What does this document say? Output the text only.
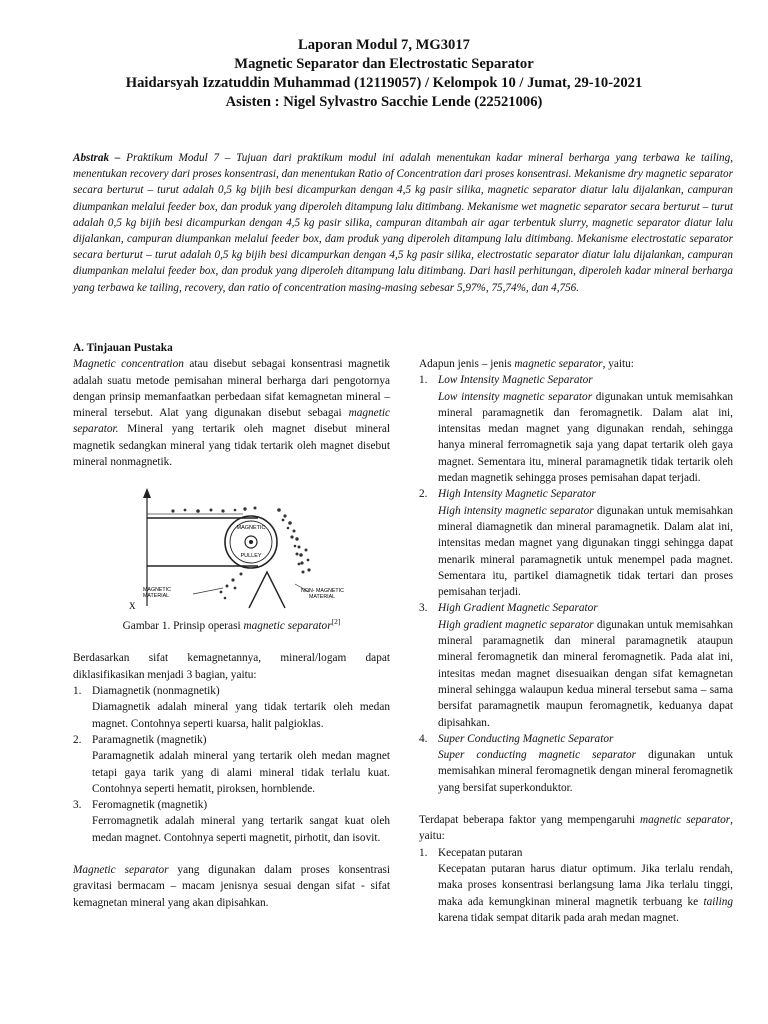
Laporan Modul 7, MG3017
Magnetic Separator dan Electrostatic Separator
Haidarsyah Izzatuddin Muhammad (12119057) / Kelompok 10 / Jumat, 29-10-2021
Asisten : Nigel Sylvastro Sacchie Lende (22521006)
Abstrak – Praktikum Modul 7 – Tujuan dari praktikum modul ini adalah menentukan kadar mineral berharga yang terbawa ke tailing, menentukan recovery dari proses konsentrasi, dan menentukan Ratio of Concentration dari proses konsentrasi. Mekanisme dry magnetic separator secara berturut – turut adalah 0,5 kg bijih besi dicampurkan dengan 4,5 kg pasir silika, magnetic separator diatur lalu dijalankan, campuran diumpankan melalui feeder box, dan produk yang diperoleh ditampung lalu ditimbang. Mekanisme wet magnetic separator secara berturut – turut adalah 0,5 kg bijih besi dicampurkan dengan 4,5 kg pasir silika, campuran ditambah air agar terbentuk slurry, magnetic separator diatur lalu dijalankan, campuran diumpankan melalui feeder box, dam produk yang diperoleh ditampung lalu ditimbang. Mekanisme electrostatic separator secara berturut – turut adalah 0,5 kg bijih besi dicampurkan dengan 4,5 kg pasir silika, electrostatic separator diatur lalu dijalankan, campuran diumpankan melalui feeder box, dan produk yang diperoleh ditampung lalu ditimbang. Dari hasil perhitungan, diperoleh kadar mineral berharga yang terbawa ke tailing, recovery, dan ratio of concentration masing-masing sebesar 5,97%, 75,74%, dan 4,756.
A. Tinjauan Pustaka

Magnetic concentration atau disebut sebagai konsentrasi magnetik adalah suatu metode pemisahan mineral berharga dari pengotornya dengan prinsip memanfaatkan perbedaan sifat kemagnetan mineral – mineral tersebut. Alat yang digunakan disebut sebagai magnetic separator. Mineral yang tertarik oleh magnet disebut mineral magnetik sedangkan mineral yang tidak tertarik oleh magnet disebut mineral nonmagnetik.

MAGNETIC
PULLEY
MAGNETIC
MATERIAL
NON- MAGNETIC
MATERIAL
X
Gambar 1. Prinsip operasi magnetic separator[2]

Berdasarkan sifat kemagnetannya, mineral/logam dapat diklasifikasikan menjadi 3 bagian, yaitu:

1. Diamagnetik (nonmagnetik)
Diamagnetik adalah mineral yang tidak tertarik oleh medan magnet. Contohnya seperti kuarsa, halit palgioklas.
2. Paramagnetik (magnetik)
Paramagnetik adalah mineral yang tertarik oleh medan magnet tetapi gaya tarik yang di alami mineral tidak terlalu kuat. Contohnya seperti hematit, piroksen, hornblende.
3. Feromagnetik (magnetik)
Ferromagnetik adalah mineral yang tertarik sangat kuat oleh medan magnet. Contohnya seperti magnetit, pirhotit, dan isovit.

Magnetic separator yang digunakan dalam proses konsentrasi gravitasi bermacam – macam jenisnya sesuai dengan sifat - sifat kemagnetan mineral yang akan dipisahkan.

Adapun jenis – jenis magnetic separator, yaitu:

1. Low Intensity Magnetic Separator
Low intensity magnetic separator digunakan untuk memisahkan mineral paramagnetik dan feromagnetik. Dalam alat ini, intensitas medan magnet yang digunakan rendah, sehingga hanya mineral ferromagnetik saja yang dapat tertarik oleh gaya magnet. Sementara itu, mineral paramagnetik tidak tertarik oleh medan magnetik sehingga proses pemisahan dapat terjadi.
2. High Intensity Magnetic Separator
High intensity magnetic separator digunakan untuk memisahkan mineral diamagnetik dan mineral paramagnetik. Dalam alat ini, intensitas medan magnet yang digunakan tinggi sehingga dapat menarik mineral paramagnetik untuk menempel pada magnet. Sementara itu, partikel diamagnetik tidak tertari dan proses pemisahan terjadi.
3. High Gradient Magnetic Separator
High gradient magnetic separator digunakan untuk memisahkan mineral paramagnetik dan mineral paramagnetik ataupun mineral feromagnetik dan mineral feromagnetik. Pada alat ini, intesitas medan magnet disesuaikan dengan sifat kemagnetan mineral sehingga walaupun kedua mineral tersebut sama – sama bersifat paramagnetik maupun feromagnetik, keduanya dapat dipisahkan.
4. Super Conducting Magnetic Separator
Super conducting magnetic separator digunakan untuk memisahkan mineral feromagnetik dengan mineral feromagnetik yang bersifat superkonduktor.

Terdapat beberapa faktor yang mempengaruhi magnetic separator, yaitu:

1. Kecepatan putaran
Kecepatan putaran harus diatur optimum. Jika terlalu rendah, maka proses konsentrasi berlangsung lama Jika terlalu tinggi, maka ada kemungkinan mineral magnetik terbuang ke tailing karena tidak sempat ditarik pada arah medan magnet.
